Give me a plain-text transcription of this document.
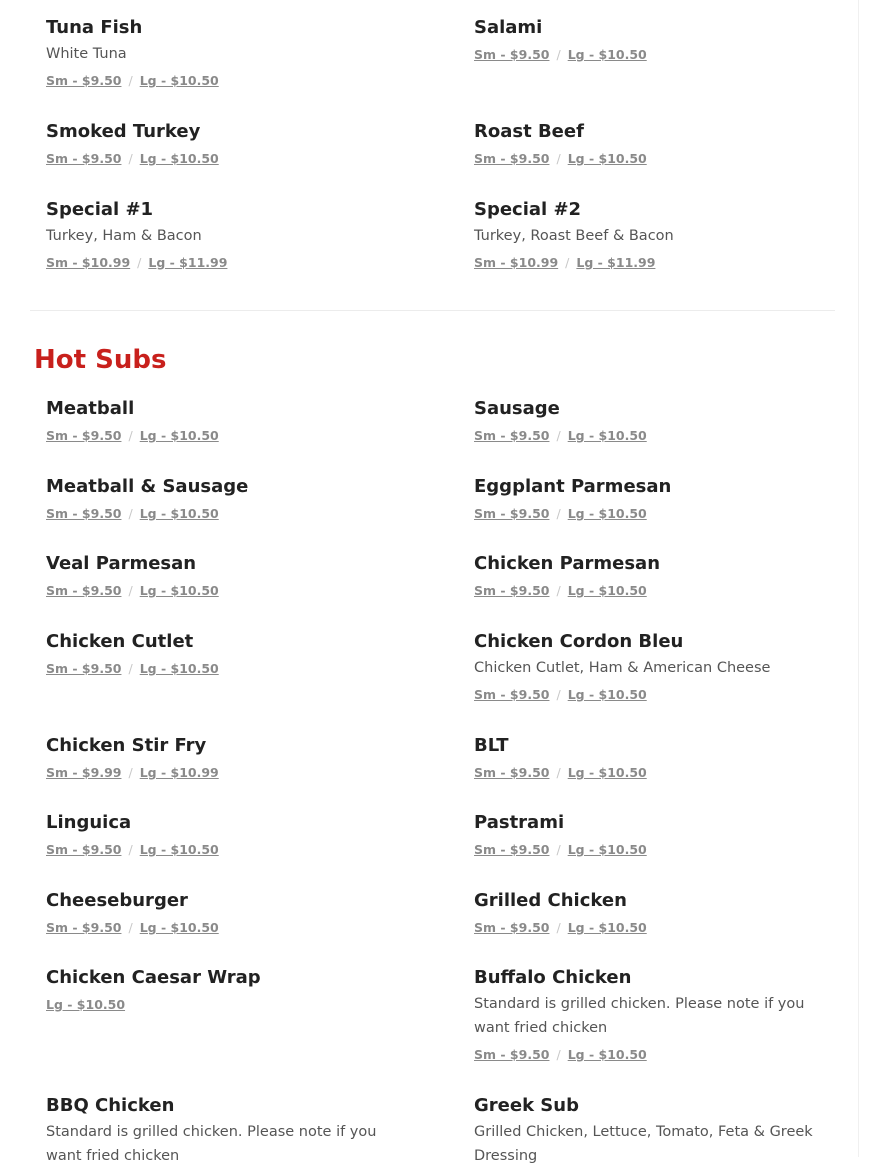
Tuna Fish
White Tuna
Sm - $9.50 / Lg - $10.50
Salami
Sm - $9.50 / Lg - $10.50
Smoked Turkey
Sm - $9.50 / Lg - $10.50
Roast Beef
Sm - $9.50 / Lg - $10.50
Special #1
Turkey, Ham & Bacon
Sm - $10.99 / Lg - $11.99
Special #2
Turkey, Roast Beef & Bacon
Sm - $10.99 / Lg - $11.99
Hot Subs
Meatball
Sm - $9.50 / Lg - $10.50
Sausage
Sm - $9.50 / Lg - $10.50
Meatball & Sausage
Sm - $9.50 / Lg - $10.50
Eggplant Parmesan
Sm - $9.50 / Lg - $10.50
Veal Parmesan
Sm - $9.50 / Lg - $10.50
Chicken Parmesan
Sm - $9.50 / Lg - $10.50
Chicken Cutlet
Sm - $9.50 / Lg - $10.50
Chicken Cordon Bleu
Chicken Cutlet, Ham & American Cheese
Sm - $9.50 / Lg - $10.50
Chicken Stir Fry
Sm - $9.99 / Lg - $10.99
BLT
Sm - $9.50 / Lg - $10.50
Linguica
Sm - $9.50 / Lg - $10.50
Pastrami
Sm - $9.50 / Lg - $10.50
Cheeseburger
Sm - $9.50 / Lg - $10.50
Grilled Chicken
Sm - $9.50 / Lg - $10.50
Chicken Caesar Wrap
Lg - $10.50
Buffalo Chicken
Standard is grilled chicken. Please note if you want fried chicken
Sm - $9.50 / Lg - $10.50
BBQ Chicken
Standard is grilled chicken. Please note if you want fried chicken
Greek Sub
Grilled Chicken, Lettuce, Tomato, Feta & Greek Dressing
